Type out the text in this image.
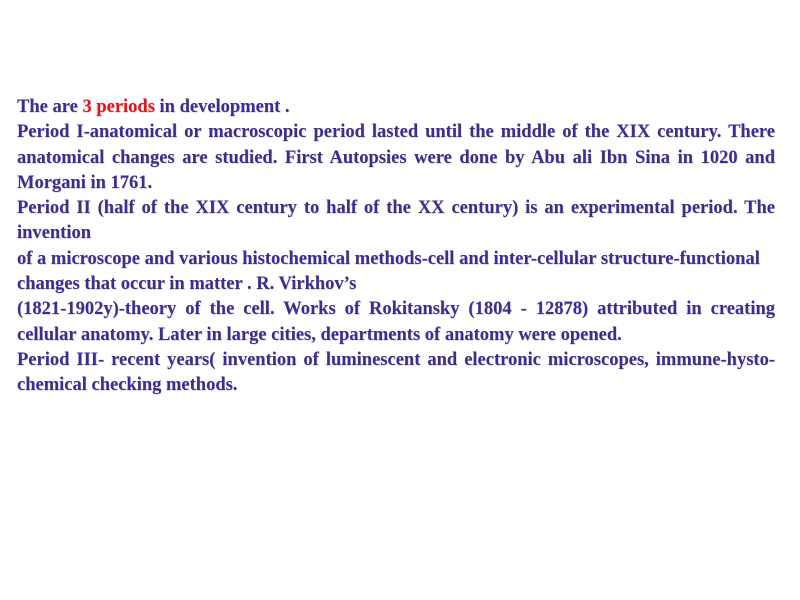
The are 3 periods in development .

Period I-anatomical or macroscopic period lasted until the middle of the XIX century. There anatomical changes are studied. First Autopsies were done by Abu ali Ibn Sina in 1020 and Morgani in 1761.

Period II (half of the XIX century to half of the XX century) is an experimental period. The invention

of a microscope and various histochemical methods-cell and inter-cellular structure-functional

changes that occur in matter . R. Virkhov’s

(1821-1902y)-theory of the cell. Works of Rokitansky (1804 - 12878) attributed in creating cellular anatomy. Later in large cities, departments of anatomy were opened.

Period III- recent years( invention of luminescent and electronic microscopes, immune-hysto- chemical checking methods.
